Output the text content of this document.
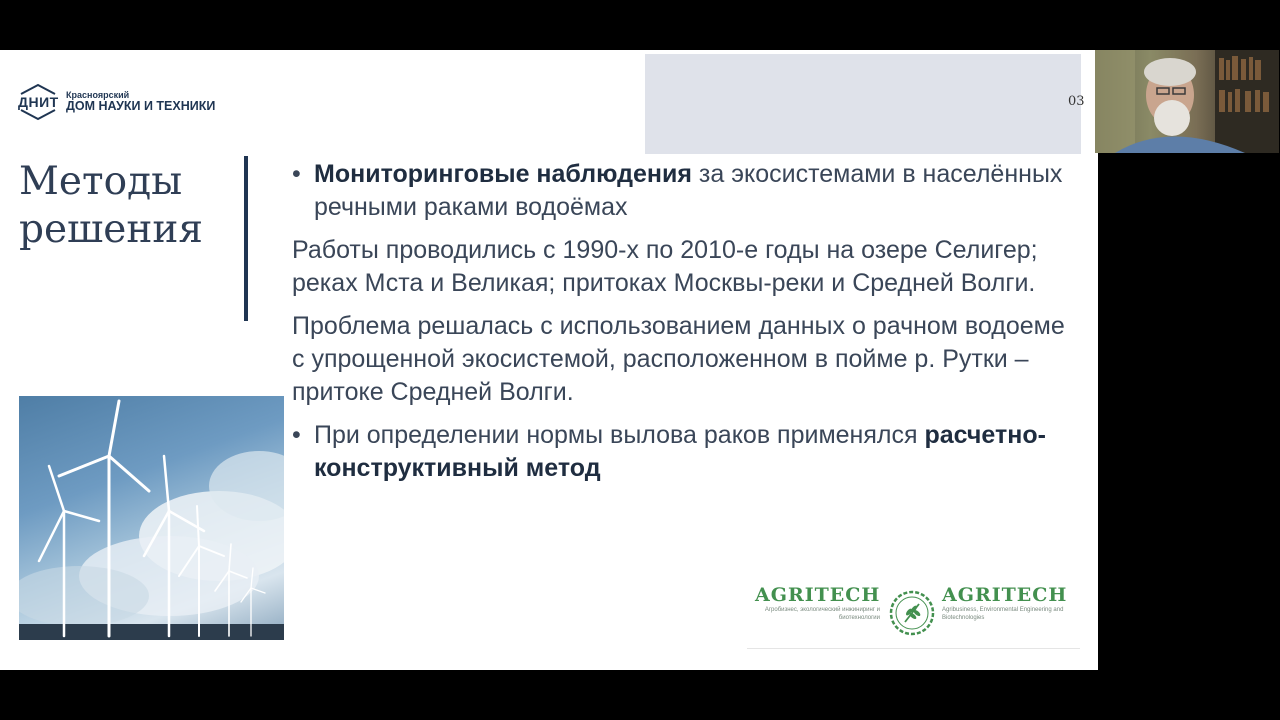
ДНИТ Красноярский
ДОМ НАУКИ И ТЕХНИКИ	03
Методы
решения
• Мониторинговые наблюдения за экосистемами в населённых речными раками водоёмах
Работы проводились с 1990-х по 2010-е годы на озере Селигер; реках Мста и Великая; притоках Москвы-реки и Средней Волги.
Проблема решалась с использованием данных о рачном водоеме с упрощенной экосистемой, расположенном в пойме р. Рутки – притоке Средней Волги.
• При определении нормы вылова раков применялся расчетно-конструктивный метод
AGRITECH
Агробизнес, экологический инжиниринг и биотехнологии
AGRITECH
Agribusiness, Environmental Engineering and Biotechnologies
